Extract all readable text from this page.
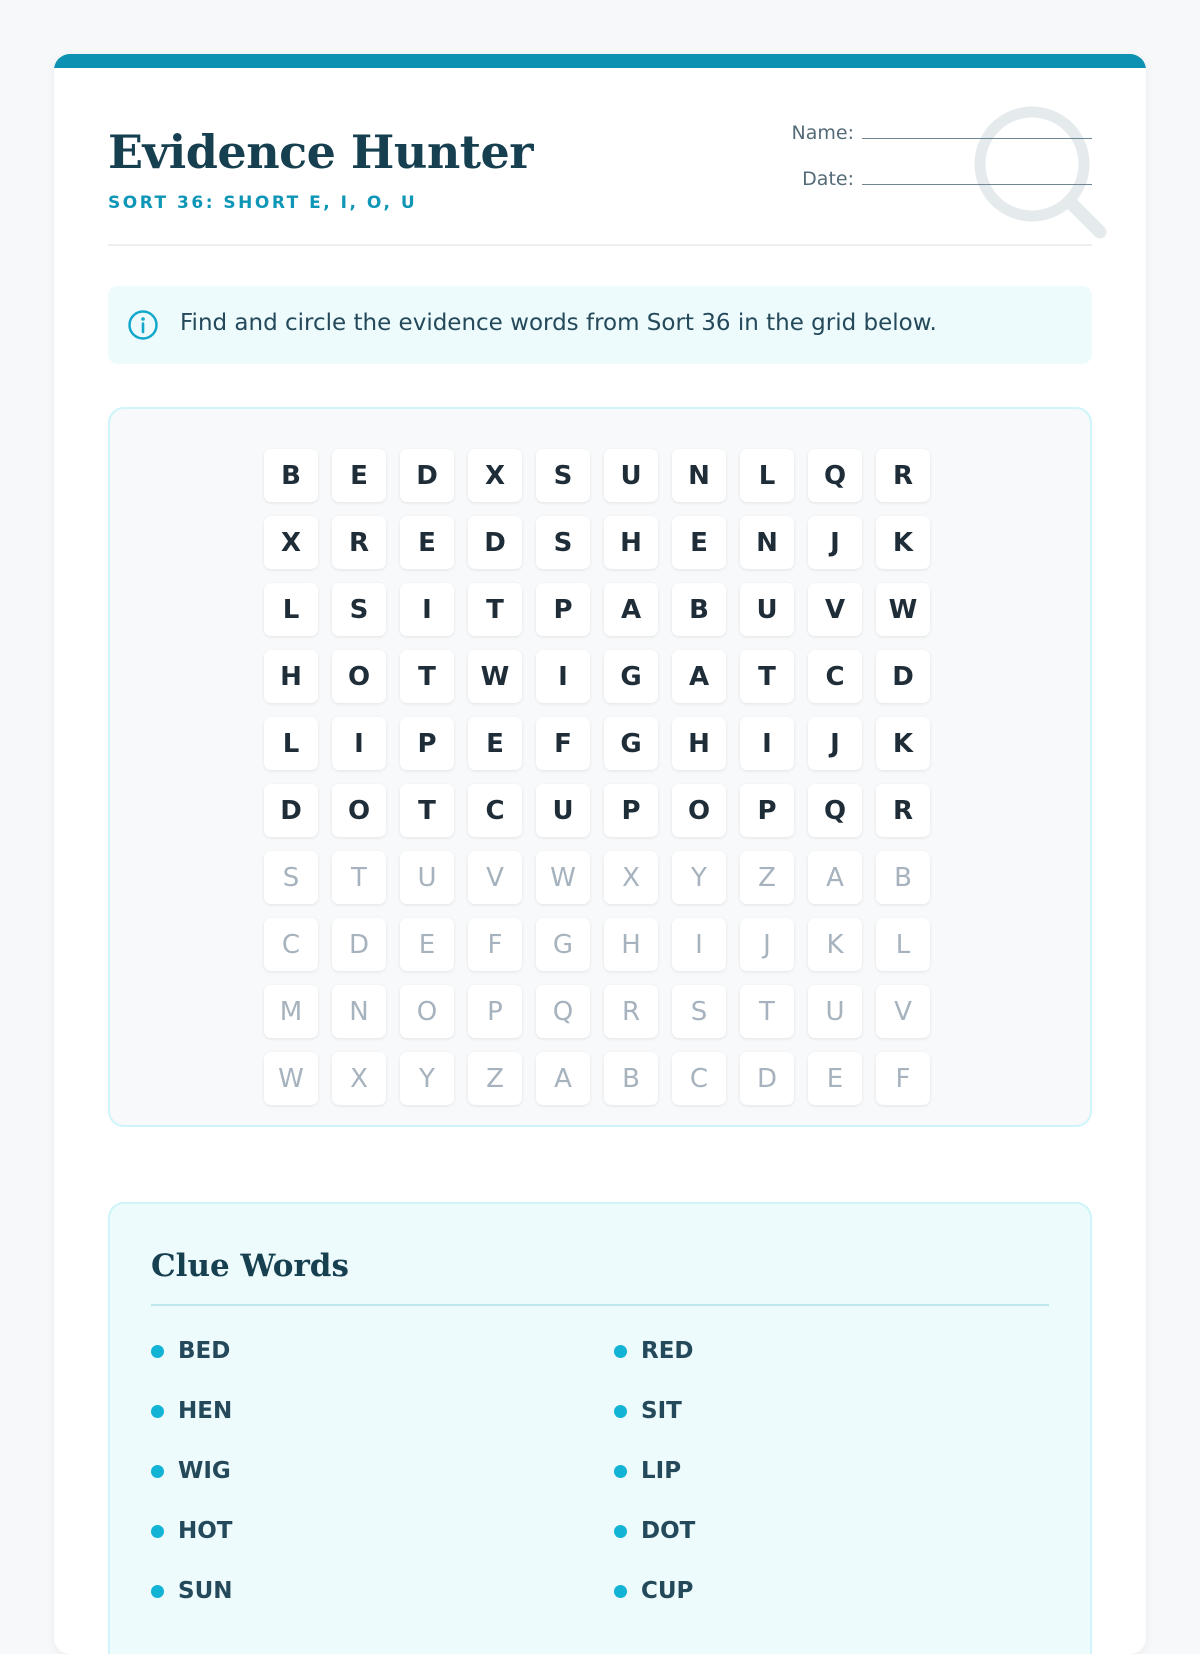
Evidence Hunter
SORT 36: SHORT E, I, O, U
Name:
Date:
Find and circle the evidence words from Sort 36 in the grid below.
B	E	D	X	S	U	N	L	Q	R
X	R	E	D	S	H	E	N	J	K
L	S	I	T	P	A	B	U	V	W
H	O	T	W	I	G	A	T	C	D
L	I	P	E	F	G	H	I	J	K
D	O	T	C	U	P	O	P	Q	R
S	T	U	V	W	X	Y	Z	A	B
C	D	E	F	G	H	I	J	K	L
M	N	O	P	Q	R	S	T	U	V
W	X	Y	Z	A	B	C	D	E	F
Clue Words
BED	RED
HEN	SIT
WIG	LIP
HOT	DOT
SUN	CUP
